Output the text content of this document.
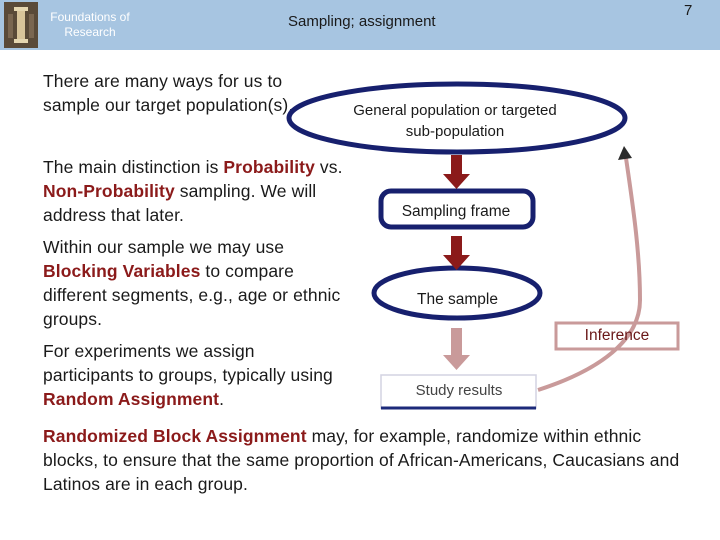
Foundations of Research
Sampling; assignment
7
There are many ways for us to sample our target population(s).
The main distinction is Probability vs. Non-Probability sampling. We will address that later.
Within our sample we may use Blocking Variables to compare different segments, e.g., age or ethnic groups.
For experiments we assign participants to groups, typically using Random Assignment.
Randomized Block Assignment may, for example, randomize within ethnic blocks, to ensure that the same proportion of African-Americans, Caucasians and Latinos are in each group.
General population or targeted sub-population
Sampling frame
The sample
Study results
Inference
